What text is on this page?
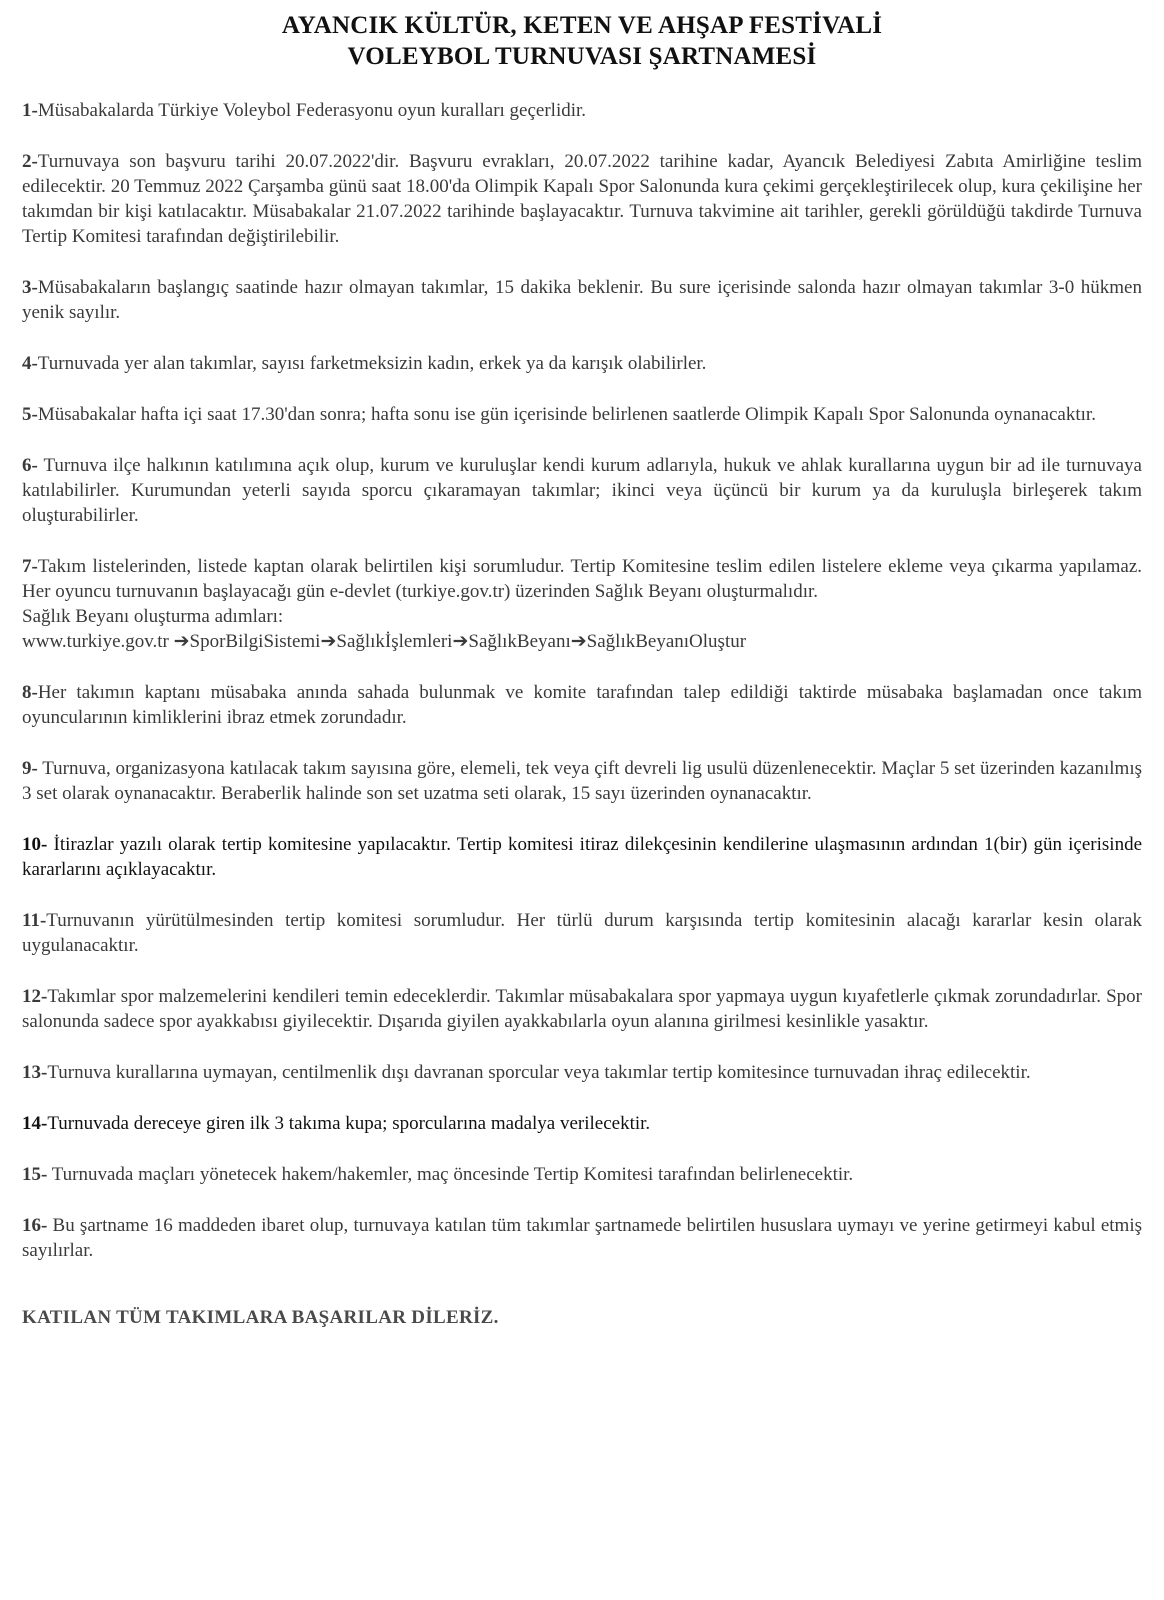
AYANCIK KÜLTÜR, KETEN VE AHŞAP FESTİVALİ
VOLEYBOL TURNUVASI ŞARTNAMESİ
1-Müsabakalarda Türkiye Voleybol Federasyonu oyun kuralları geçerlidir.
2-Turnuvaya son başvuru tarihi 20.07.2022'dir. Başvuru evrakları, 20.07.2022 tarihine kadar, Ayancık Belediyesi Zabıta Amirliğine teslim edilecektir. 20 Temmuz 2022 Çarşamba günü saat 18.00'da Olimpik Kapalı Spor Salonunda kura çekimi gerçekleştirilecek olup, kura çekilişine her takımdan bir kişi katılacaktır. Müsabakalar 21.07.2022 tarihinde başlayacaktır. Turnuva takvimine ait tarihler, gerekli görüldüğü takdirde Turnuva Tertip Komitesi tarafından değiştirilebilir.
3-Müsabakaların başlangıç saatinde hazır olmayan takımlar, 15 dakika beklenir. Bu sure içerisinde salonda hazır olmayan takımlar 3-0 hükmen yenik sayılır.
4-Turnuvada yer alan takımlar, sayısı farketmeksizin kadın, erkek ya da karışık olabilirler.
5-Müsabakalar hafta içi saat 17.30'dan sonra; hafta sonu ise gün içerisinde belirlenen saatlerde Olimpik Kapalı Spor Salonunda oynanacaktır.
6- Turnuva ilçe halkının katılımına açık olup, kurum ve kuruluşlar kendi kurum adlarıyla, hukuk ve ahlak kurallarına uygun bir ad ile turnuvaya katılabilirler. Kurumundan yeterli sayıda sporcu çıkaramayan takımlar; ikinci veya üçüncü bir kurum ya da kuruluşla birleşerek takım oluşturabilirler.
7-Takım listelerinden, listede kaptan olarak belirtilen kişi sorumludur. Tertip Komitesine teslim edilen listelere ekleme veya çıkarma yapılamaz. Her oyuncu turnuvanın başlayacağı gün e-devlet (turkiye.gov.tr) üzerinden Sağlık Beyanı oluşturmalıdır.
Sağlık Beyanı oluşturma adımları:
www.turkiye.gov.tr ➔SporBilgiSistemi➔Sağlıkİşlemleri➔SağlıkBeyanı➔SağlıkBeyanıOluştur
8-Her takımın kaptanı müsabaka anında sahada bulunmak ve komite tarafından talep edildiği taktirde müsabaka başlamadan once takım oyuncularının kimliklerini ibraz etmek zorundadır.
9- Turnuva, organizasyona katılacak takım sayısına göre, elemeli, tek veya çift devreli lig usulü düzenlenecektir. Maçlar 5 set üzerinden kazanılmış 3 set olarak oynanacaktır. Beraberlik halinde son set uzatma seti olarak, 15 sayı üzerinden oynanacaktır.
10- İtirazlar yazılı olarak tertip komitesine yapılacaktır. Tertip komitesi itiraz dilekçesinin kendilerine ulaşmasının ardından 1(bir) gün içerisinde kararlarını açıklayacaktır.
11-Turnuvanın yürütülmesinden tertip komitesi sorumludur. Her türlü durum karşısında tertip komitesinin alacağı kararlar kesin olarak uygulanacaktır.
12-Takımlar spor malzemelerini kendileri temin edeceklerdir. Takımlar müsabakalara spor yapmaya uygun kıyafetlerle çıkmak zorundadırlar. Spor salonunda sadece spor ayakkabısı giyilecektir. Dışarıda giyilen ayakkabılarla oyun alanına girilmesi kesinlikle yasaktır.
13-Turnuva kurallarına uymayan, centilmenlik dışı davranan sporcular veya takımlar tertip komitesince turnuvadan ihraç edilecektir.
14-Turnuvada dereceye giren ilk 3 takıma kupa; sporcularına madalya verilecektir.
15- Turnuvada maçları yönetecek hakem/hakemler, maç öncesinde Tertip Komitesi tarafından belirlenecektir.
16- Bu şartname 16 maddeden ibaret olup, turnuvaya katılan tüm takımlar şartnamede belirtilen hususlara uymayı ve yerine getirmeyi kabul etmiş sayılırlar.
KATILAN TÜM TAKIMLARA BAŞARILAR DİLERİZ.
